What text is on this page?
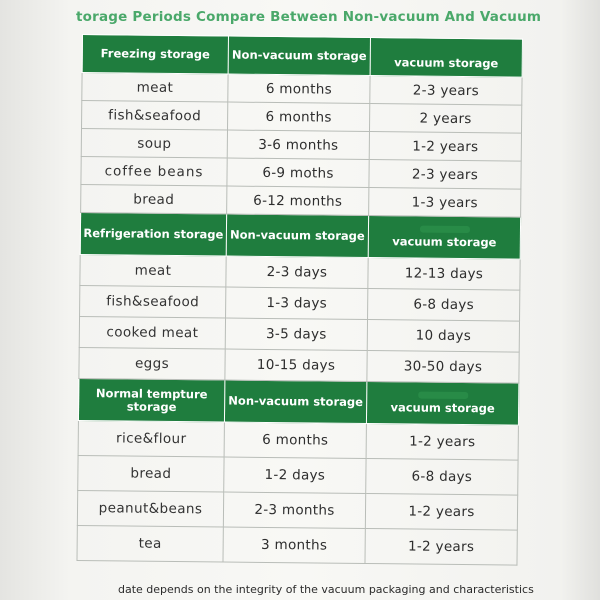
torage Periods Compare Between Non-vacuum And Vacuum
Freezing storage	Non-vacuum storage	vacuum storage
meat	6 months	2-3 years
fish&seafood	6 months	2 years
soup	3-6 months	1-2 years
coffee beans	6-9 moths	2-3 years
bread	6-12 months	1-3 years
Refrigeration storage	Non-vacuum storage	vacuum storage
meat	2-3 days	12-13 days
fish&seafood	1-3 days	6-8 days
cooked meat	3-5 days	10 days
eggs	10-15 days	30-50 days
Normal tempture storage	Non-vacuum storage	vacuum storage
rice&flour	6 months	1-2 years
bread	1-2 days	6-8 days
peanut&beans	2-3 months	1-2 years
tea	3 months	1-2 years
date depends on the integrity of the vacuum packaging and characteristics
